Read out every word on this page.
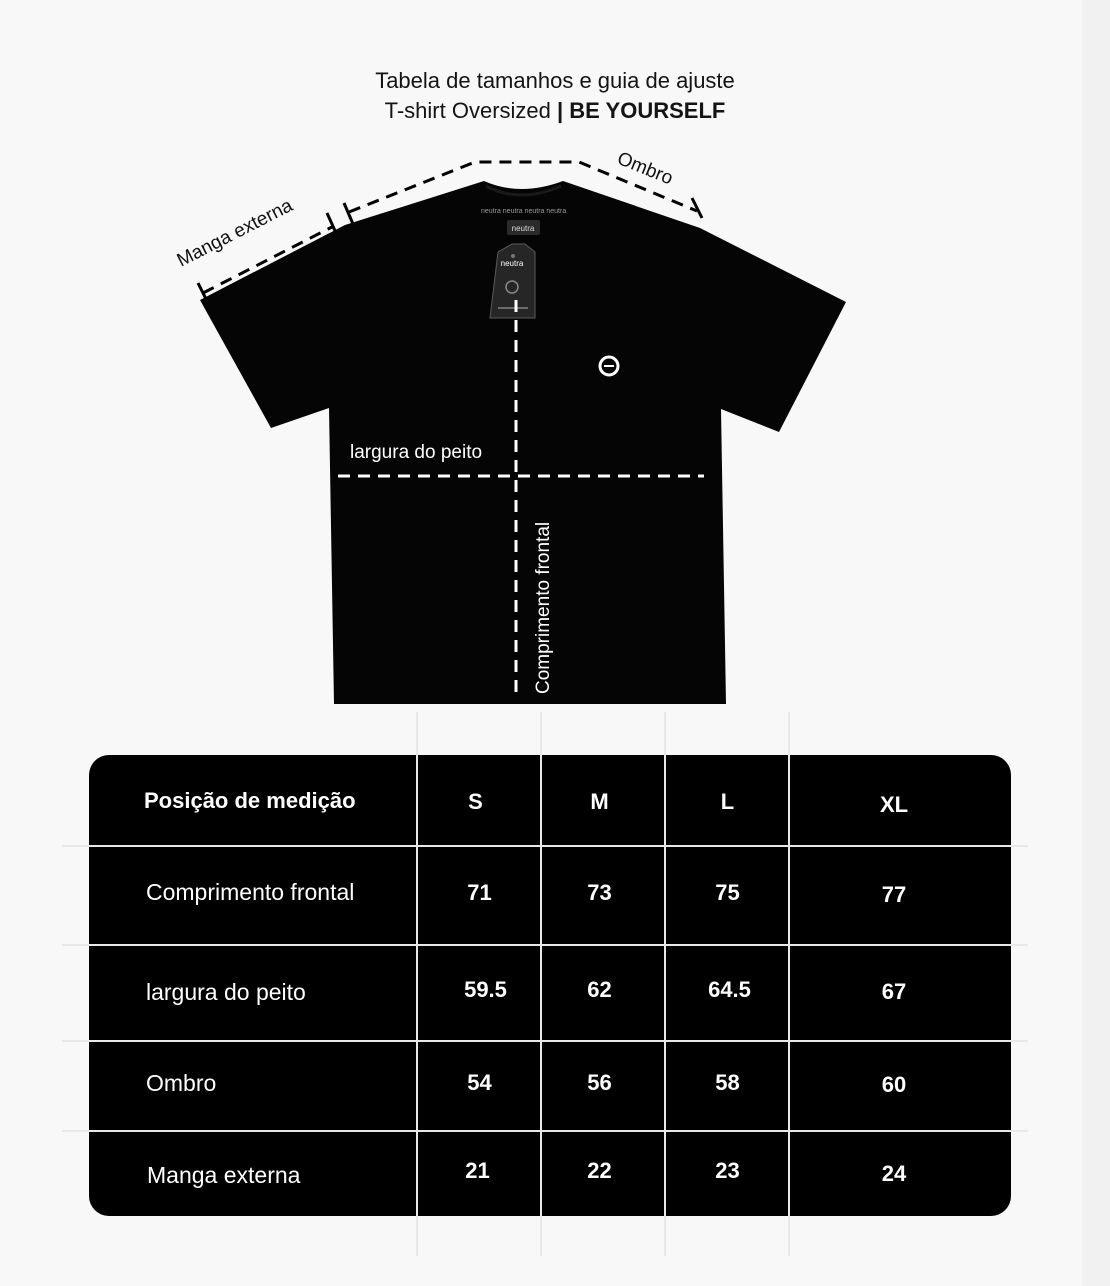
Tabela de tamanhos e guia de ajuste
T-shirt Oversized | BE YOURSELF
neutra neutra neutra neutra
neutra
neutra
Manga externa
Ombro
largura do peito
Comprimento frontal
Posição de medição	S	M	L	XL
Comprimento frontal	71	73	75	77
largura do peito	59.5	62	64.5	67
Ombro	54	56	58	60
Manga externa	21	22	23	24
